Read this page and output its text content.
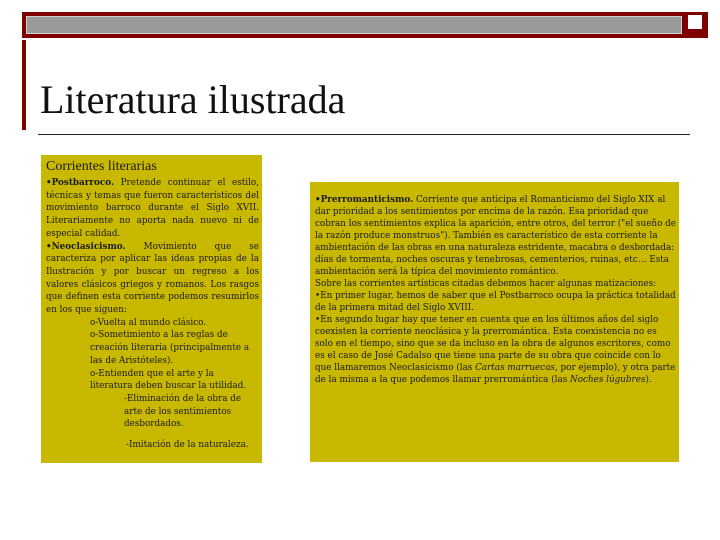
Literatura ilustrada
Corrientes literarias

•Postbarroco. Pretende continuar el estilo, técnicas y temas que fueron característicos del movimiento barroco durante el Siglo XVII. Literariamente no aporta nada nuevo ni de especial calidad.

•Neoclasicismo. Movimiento que se caracteriza por aplicar las ideas propias de la Ilustración y por buscar un regreso a los valores clásicos griegos y romanos. Los rasgos que definen esta corriente podemos resumirlos en los que siguen:

o-Vuelta al mundo clásico.

o-Sometimiento a las reglas de creación literaria (principalmente a las de Aristóteles).

o-Entienden que el arte y la literatura deben buscar la utilidad.

-Eliminación de la obra de arte de los sentimientos desbordados.

-Imitación de la naturaleza.

•Prerromanticismo. Corriente que anticipa el Romanticismo del Siglo XIX al dar prioridad a los sentimientos por encima de la razón. Esa prioridad que cobran los sentimientos explica la aparición, entre otros, del terror ("el sueño de la razón produce monstruos"). También es característico de esta corriente la ambientación de las obras en una naturaleza estridente, macabra o desbordada: días de tormenta, noches oscuras y tenebrosas, cementerios, ruinas, etc… Esta ambientación será la típica del movimiento romántico.

Sobre las corrientes artísticas citadas debemos hacer algunas matizaciones:

•En primer lugar, hemos de saber que el Postbarroco ocupa la práctica totalidad de la primera mitad del Siglo XVIII.

•En segundo lugar hay que tener en cuenta que en los últimos años del siglo coexisten la corriente neoclásica y la prerromántica. Esta coexistencia no es solo en el tiempo, sino que se da incluso en la obra de algunos escritores, como es el caso de José Cadalso que tiene una parte de su obra que coincide con lo que llamaremos Neoclasicismo (las Cartas marruecas, por ejemplo), y otra parte de la misma a la que podemos llamar prerromántica (las Noches lúgubres).
